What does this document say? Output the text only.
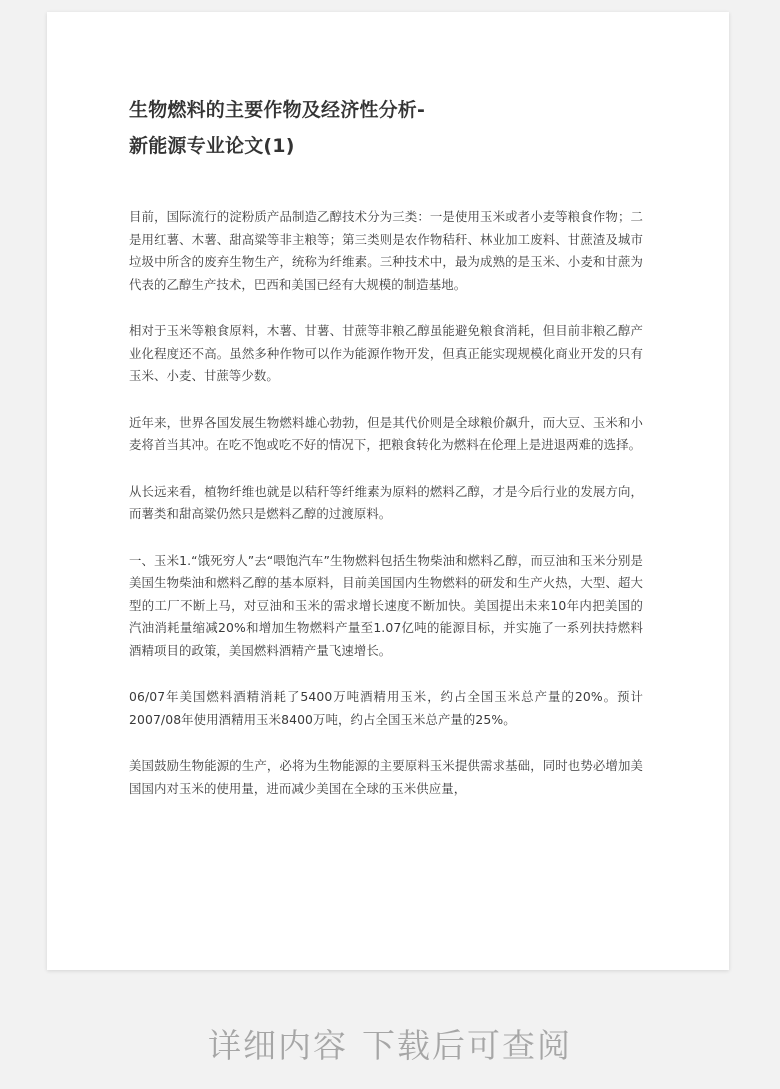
生物燃料的主要作物及经济性分析-
新能源专业论文(1)

目前，国际流行的淀粉质产品制造乙醇技术分为三类：一是使用玉米或者小麦等粮食作物；二是用红薯、木薯、甜高粱等非主粮等；第三类则是农作物秸秆、林业加工废料、甘蔗渣及城市垃圾中所含的废弃生物生产，统称为纤维素。三种技术中，最为成熟的是玉米、小麦和甘蔗为代表的乙醇生产技术，巴西和美国已经有大规模的制造基地。

相对于玉米等粮食原料，木薯、甘薯、甘蔗等非粮乙醇虽能避免粮食消耗，但目前非粮乙醇产业化程度还不高。虽然多种作物可以作为能源作物开发，但真正能实现规模化商业开发的只有玉米、小麦、甘蔗等少数。

近年来，世界各国发展生物燃料雄心勃勃，但是其代价则是全球粮价飙升，而大豆、玉米和小麦将首当其冲。在吃不饱或吃不好的情况下，把粮食转化为燃料在伦理上是进退两难的选择。

从长远来看，植物纤维也就是以秸秆等纤维素为原料的燃料乙醇，才是今后行业的发展方向，而薯类和甜高粱仍然只是燃料乙醇的过渡原料。

一、玉米1.“饿死穷人”去“喂饱汽车”生物燃料包括生物柴油和燃料乙醇，而豆油和玉米分别是美国生物柴油和燃料乙醇的基本原料，目前美国国内生物燃料的研发和生产火热，大型、超大型的工厂不断上马，对豆油和玉米的需求增长速度不断加快。美国提出未来10年内把美国的汽油消耗量缩减20%和增加生物燃料产量至1.07亿吨的能源目标，并实施了一系列扶持燃料酒精项目的政策，美国燃料酒精产量飞速增长。

06/07年美国燃料酒精消耗了5400万吨酒精用玉米，约占全国玉米总产量的20%。预计2007/08年使用酒精用玉米8400万吨，约占全国玉米总产量的25%。

美国鼓励生物能源的生产，必将为生物能源的主要原料玉米提供需求基础，同时也势必增加美国国内对玉米的使用量，进而减少美国在全球的玉米供应量，

详细内容 下载后可查阅
